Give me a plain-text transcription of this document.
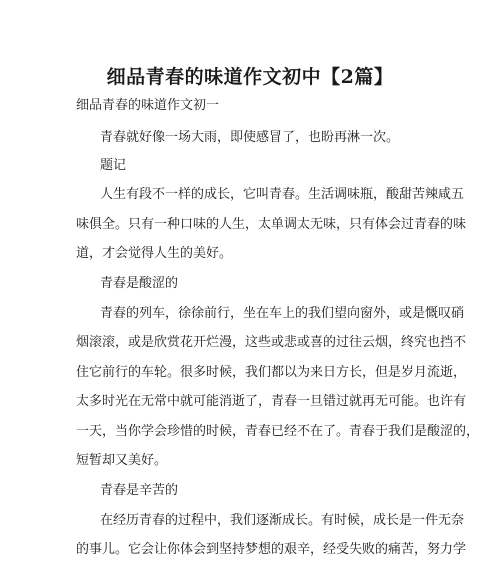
细品青春的味道作文初中【2篇】
细品青春的味道作文初一
青春就好像一场大雨，即使感冒了，也盼再淋一次。
题记
人生有段不一样的成长，它叫青春。生活调味瓶，酸甜苦辣咸五
味俱全。只有一种口味的人生，太单调太无味，只有体会过青春的味
道，才会觉得人生的美好。
青春是酸涩的
青春的列车，徐徐前行，坐在车上的我们望向窗外，或是慨叹硝
烟滚滚，或是欣赏花开烂漫，这些或悲或喜的过往云烟，终究也挡不
住它前行的车轮。很多时候，我们都以为来日方长，但是岁月流逝，
太多时光在无常中就可能消逝了，青春一旦错过就再无可能。也许有
一天，当你学会珍惜的时候，青春已经不在了。青春于我们是酸涩的，
短暂却又美好。
青春是辛苦的
在经历青春的过程中，我们逐渐成长。有时候，成长是一件无奈
的事儿。它会让你体会到坚持梦想的艰辛，经受失败的痛苦，努力学
